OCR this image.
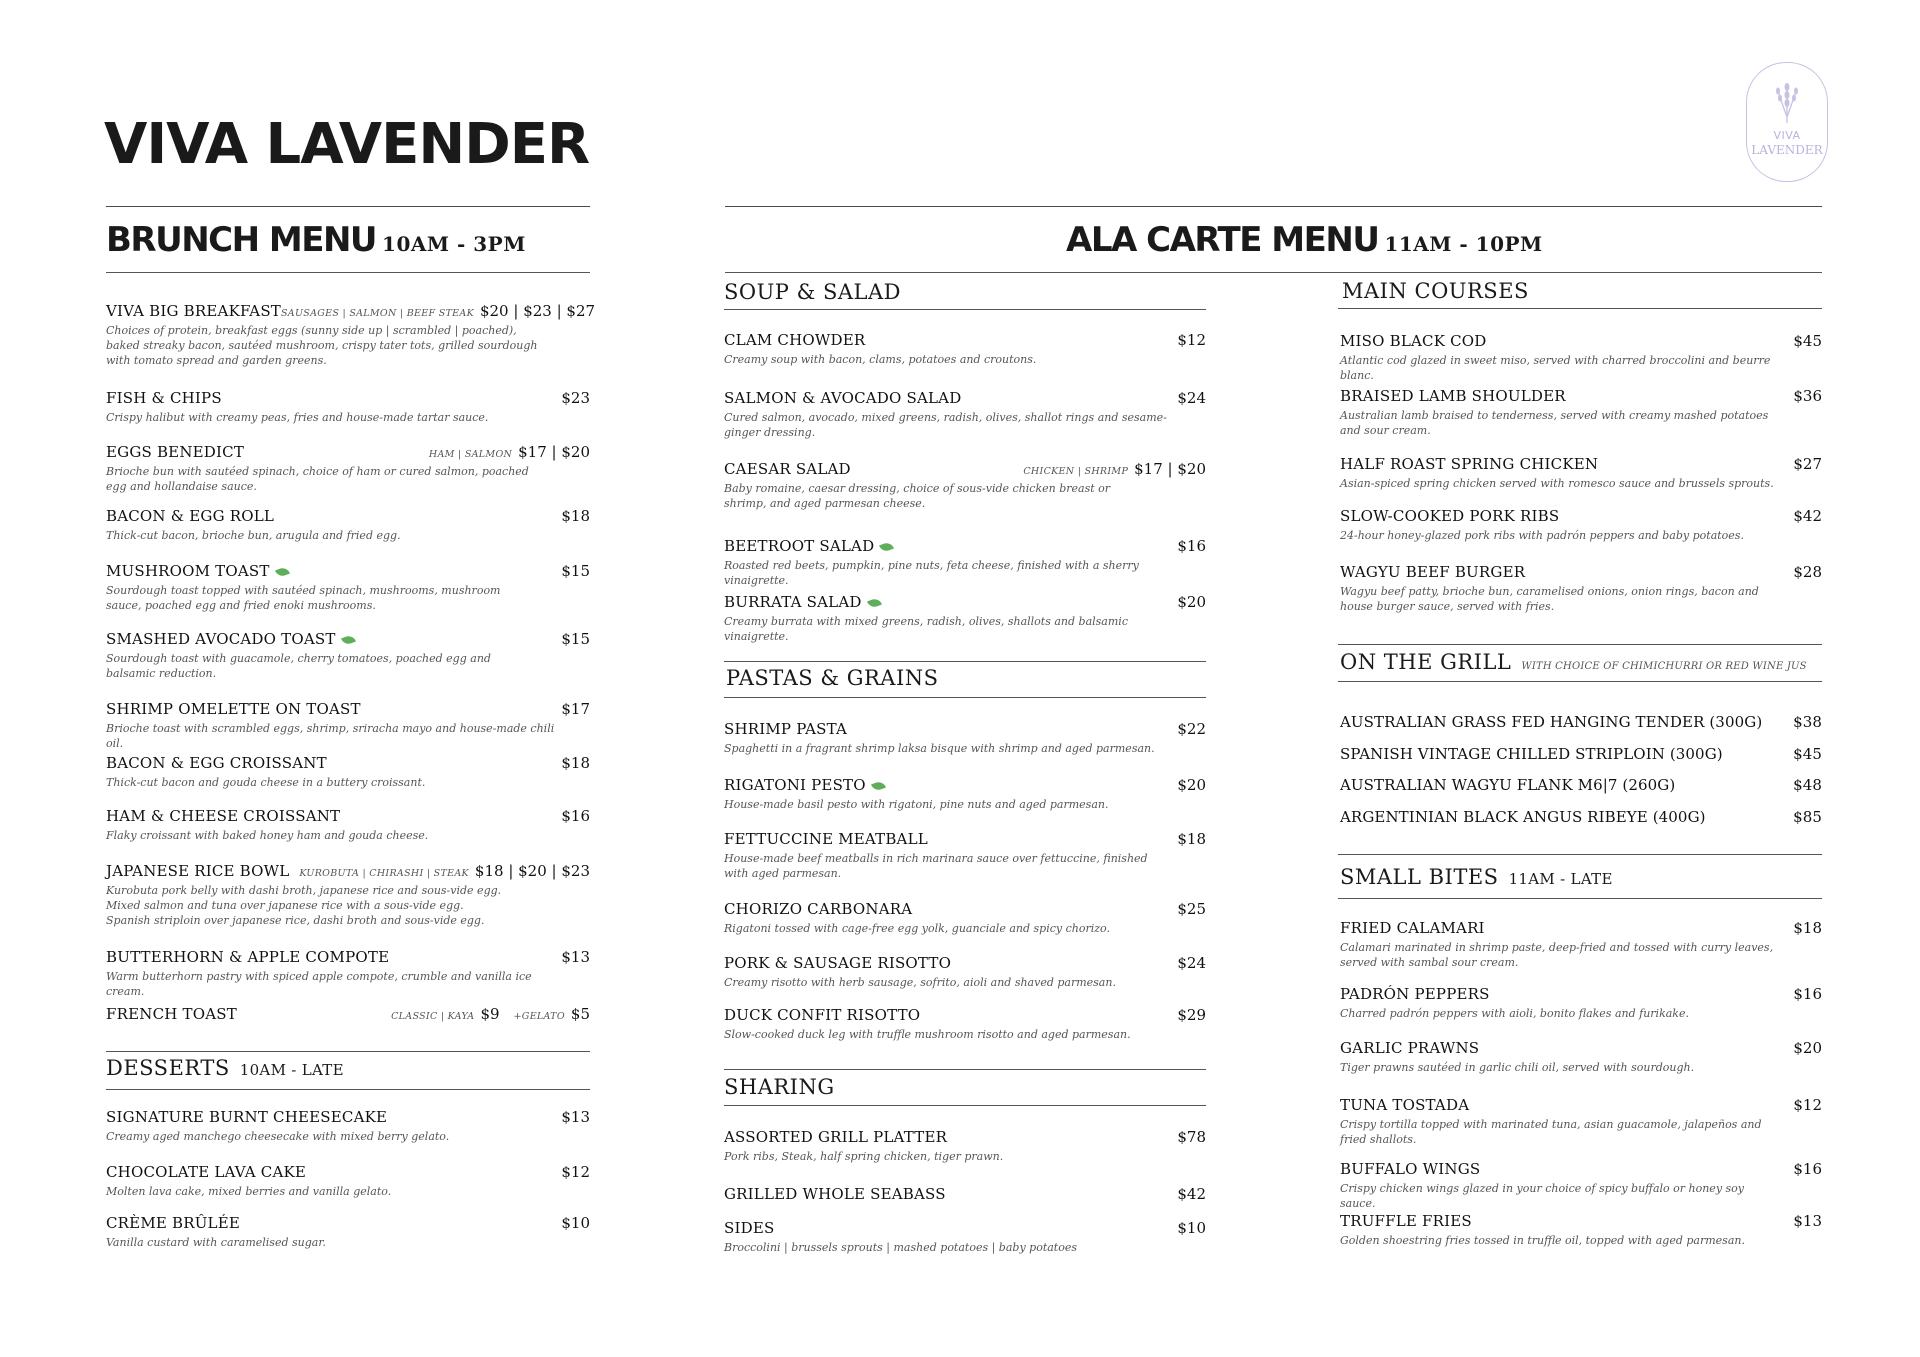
VIVA LAVENDER	VIVA
LAVENDER
BRUNCH MENU 10AM - 3PM
VIVA BIG BREAKFAST SAUSAGES | SALMON | BEEF STEAK $20 | $23 | $27
Choices of protein, breakfast eggs (sunny side up | scrambled | poached), baked streaky bacon, sautéed mushroom, crispy tater tots, grilled sourdough with tomato spread and garden greens.
FISH & CHIPS	$23
Crispy halibut with creamy peas, fries and house-made tartar sauce.
EGGS BENEDICT	HAM | SALMON $17 | $20
Brioche bun with sautéed spinach, choice of ham or cured salmon, poached egg and hollandaise sauce.
BACON & EGG ROLL	$18
Thick-cut bacon, brioche bun, arugula and fried egg.
MUSHROOM TOAST	$15
Sourdough toast topped with sautéed spinach, mushrooms, mushroom sauce, poached egg and fried enoki mushrooms.
SMASHED AVOCADO TOAST	$15
Sourdough toast with guacamole, cherry tomatoes, poached egg and balsamic reduction.
SHRIMP OMELETTE ON TOAST	$17
Brioche toast with scrambled eggs, shrimp, sriracha mayo and house-made chili oil.
BACON & EGG CROISSANT	$18
Thick-cut bacon and gouda cheese in a buttery croissant.
HAM & CHEESE CROISSANT	$16
Flaky croissant with baked honey ham and gouda cheese.
JAPANESE RICE BOWL KUROBUTA | CHIRASHI | STEAK $18 | $20 | $23
Kurobuta pork belly with dashi broth, japanese rice and sous-vide egg.
Mixed salmon and tuna over japanese rice with a sous-vide egg.
Spanish striploin over japanese rice, dashi broth and sous-vide egg.
BUTTERHORN & APPLE COMPOTE	$13
Warm butterhorn pastry with spiced apple compote, crumble and vanilla ice cream.
FRENCH TOAST	CLASSIC | KAYA $9 +GELATO $5
DESSERTS 10AM - LATE
SIGNATURE BURNT CHEESECAKE	$13
Creamy aged manchego cheesecake with mixed berry gelato.
CHOCOLATE LAVA CAKE	$12
Molten lava cake, mixed berries and vanilla gelato.
CRÈME BRÛLÉE	$10
Vanilla custard with caramelised sugar.
ALA CARTE MENU 11AM - 10PM
SOUP & SALAD
CLAM CHOWDER	$12
Creamy soup with bacon, clams, potatoes and croutons.
SALMON & AVOCADO SALAD	$24
Cured salmon, avocado, mixed greens, radish, olives, shallot rings and sesame-ginger dressing.
CAESAR SALAD	CHICKEN | SHRIMP $17 | $20
Baby romaine, caesar dressing, choice of sous-vide chicken breast or shrimp, and aged parmesan cheese.
BEETROOT SALAD	$16
Roasted red beets, pumpkin, pine nuts, feta cheese, finished with a sherry vinaigrette.
BURRATA SALAD	$20
Creamy burrata with mixed greens, radish, olives, shallots and balsamic vinaigrette.
PASTAS & GRAINS
SHRIMP PASTA	$22
Spaghetti in a fragrant shrimp laksa bisque with shrimp and aged parmesan.
RIGATONI PESTO	$20
House-made basil pesto with rigatoni, pine nuts and aged parmesan.
FETTUCCINE MEATBALL	$18
House-made beef meatballs in rich marinara sauce over fettuccine, finished with aged parmesan.
CHORIZO CARBONARA	$25
Rigatoni tossed with cage-free egg yolk, guanciale and spicy chorizo.
PORK & SAUSAGE RISOTTO	$24
Creamy risotto with herb sausage, sofrito, aioli and shaved parmesan.
DUCK CONFIT RISOTTO	$29
Slow-cooked duck leg with truffle mushroom risotto and aged parmesan.
SHARING
ASSORTED GRILL PLATTER	$78
Pork ribs, Steak, half spring chicken, tiger prawn.
GRILLED WHOLE SEABASS	$42
SIDES	$10
Broccolini | brussels sprouts | mashed potatoes | baby potatoes
MAIN COURSES
MISO BLACK COD	$45
Atlantic cod glazed in sweet miso, served with charred broccolini and beurre blanc.
BRAISED LAMB SHOULDER	$36
Australian lamb braised to tenderness, served with creamy mashed potatoes and sour cream.
HALF ROAST SPRING CHICKEN	$27
Asian-spiced spring chicken served with romesco sauce and brussels sprouts.
SLOW-COOKED PORK RIBS	$42
24-hour honey-glazed pork ribs with padrón peppers and baby potatoes.
WAGYU BEEF BURGER	$28
Wagyu beef patty, brioche bun, caramelised onions, onion rings, bacon and house burger sauce, served with fries.
ON THE GRILL WITH CHOICE OF CHIMICHURRI OR RED WINE JUS
AUSTRALIAN GRASS FED HANGING TENDER (300G) $38
SPANISH VINTAGE CHILLED STRIPLOIN (300G)	$45
AUSTRALIAN WAGYU FLANK M6|7 (260G)	$48
ARGENTINIAN BLACK ANGUS RIBEYE (400G)	$85
SMALL BITES 11AM - LATE
FRIED CALAMARI	$18
Calamari marinated in shrimp paste, deep-fried and tossed with curry leaves, served with sambal sour cream.
PADRÓN PEPPERS	$16
Charred padrón peppers with aioli, bonito flakes and furikake.
GARLIC PRAWNS	$20
Tiger prawns sautéed in garlic chili oil, served with sourdough.
TUNA TOSTADA	$12
Crispy tortilla topped with marinated tuna, asian guacamole, jalapeños and fried shallots.
BUFFALO WINGS	$16
Crispy chicken wings glazed in your choice of spicy buffalo or honey soy sauce.
TRUFFLE FRIES	$13
Golden shoestring fries tossed in truffle oil, topped with aged parmesan.
